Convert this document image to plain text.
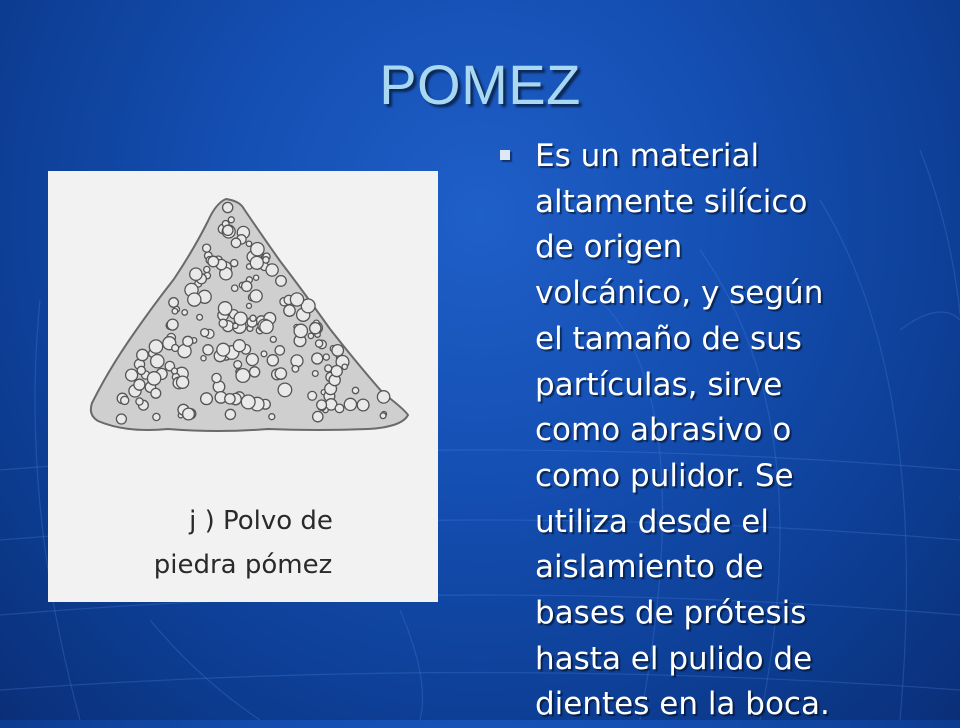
POMEZ
j ) Polvo de
piedra pómez
Es un material
altamente silícico
de origen
volcánico, y según
el tamaño de sus
partículas, sirve
como abrasivo o
como pulidor. Se
utiliza desde el
aislamiento de
bases de prótesis
hasta el pulido de
dientes en la boca.
